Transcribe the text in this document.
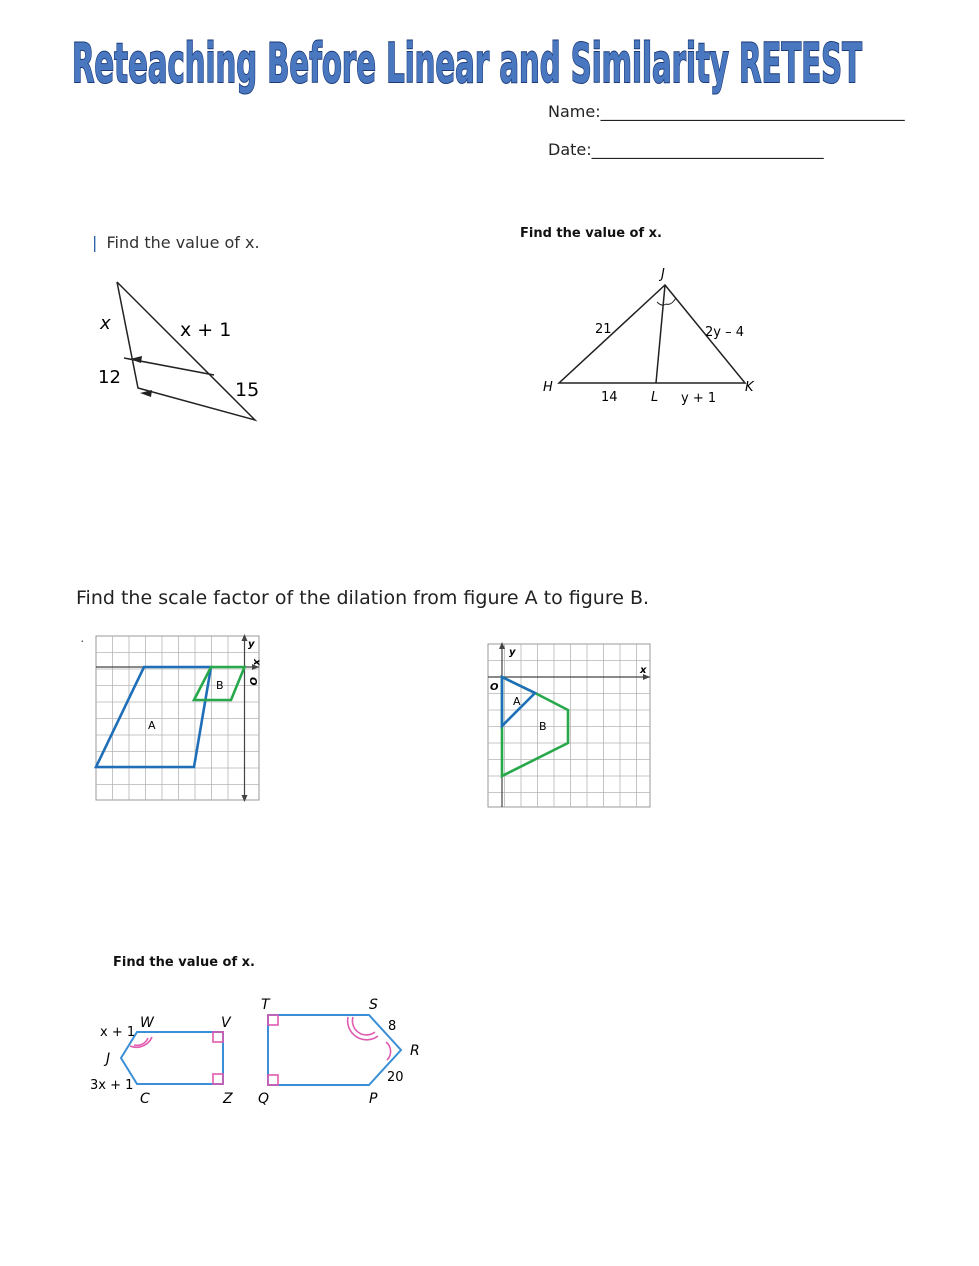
Reteaching Before Linear and Similarity RETEST
Name:______________________________________
Date:_____________________________
❘ Find the value of x.
x	x + 1
12
15
Find the value of x.
J
H	K
L
21	2y – 4
14	y + 1
Find the scale factor of the dilation from figure A to figure B.
·
B
A
y
x
O
A
B
y
x
O
Find the value of x.
W	V
J
C	Z
T	S
R
Q	P
x + 1
3x + 1
8
20
